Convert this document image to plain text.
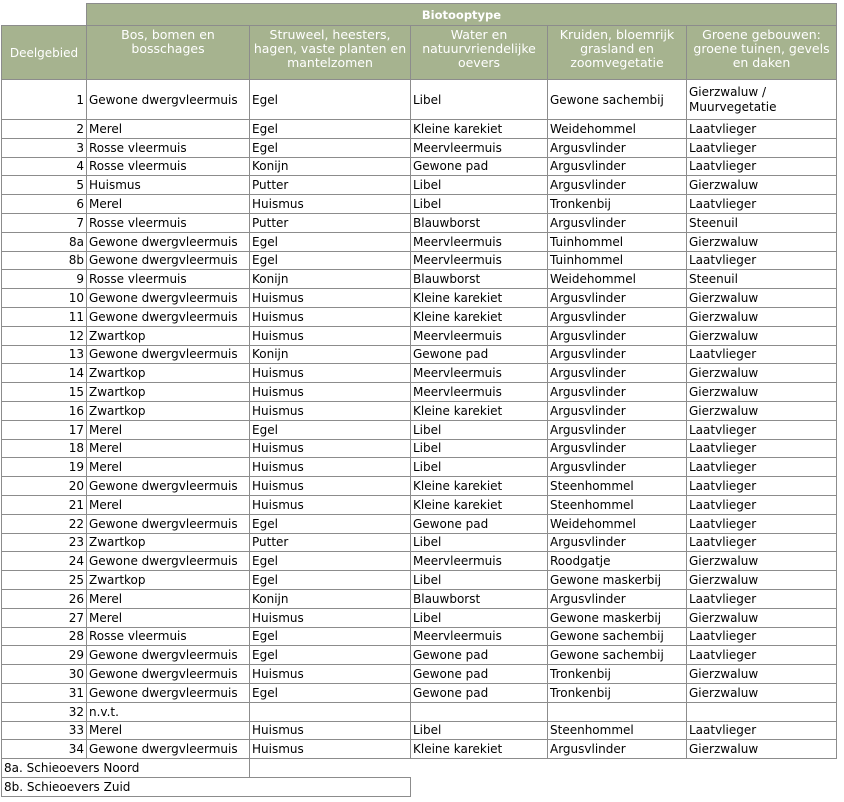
	Biotooptype				
Deelgebied	Bos, bomen en bosschages	Struweel, heesters, hagen, vaste planten en mantelzomen	Water en natuurvriendelijke oevers	Kruiden, bloemrijk grasland en zoomvegetatie	Groene gebouwen: groene tuinen, gevels en daken
1	Gewone dwergvleermuis	Egel	Libel	Gewone sachembij	Gierzwaluw / Muurvegetatie
2	Merel	Egel	Kleine karekiet	Weidehommel	Laatvlieger
3	Rosse vleermuis	Egel	Meervleermuis	Argusvlinder	Laatvlieger
4	Rosse vleermuis	Konijn	Gewone pad	Argusvlinder	Laatvlieger
5	Huismus	Putter	Libel	Argusvlinder	Gierzwaluw
6	Merel	Huismus	Libel	Tronkenbij	Laatvlieger
7	Rosse vleermuis	Putter	Blauwborst	Argusvlinder	Steenuil
8a	Gewone dwergvleermuis	Egel	Meervleermuis	Tuinhommel	Gierzwaluw
8b	Gewone dwergvleermuis	Egel	Meervleermuis	Tuinhommel	Laatvlieger
9	Rosse vleermuis	Konijn	Blauwborst	Weidehommel	Steenuil
10	Gewone dwergvleermuis	Huismus	Kleine karekiet	Argusvlinder	Gierzwaluw
11	Gewone dwergvleermuis	Huismus	Kleine karekiet	Argusvlinder	Gierzwaluw
12	Zwartkop	Huismus	Meervleermuis	Argusvlinder	Gierzwaluw
13	Gewone dwergvleermuis	Konijn	Gewone pad	Argusvlinder	Laatvlieger
14	Zwartkop	Huismus	Meervleermuis	Argusvlinder	Gierzwaluw
15	Zwartkop	Huismus	Meervleermuis	Argusvlinder	Gierzwaluw
16	Zwartkop	Huismus	Kleine karekiet	Argusvlinder	Gierzwaluw
17	Merel	Egel	Libel	Argusvlinder	Laatvlieger
18	Merel	Huismus	Libel	Argusvlinder	Laatvlieger
19	Merel	Huismus	Libel	Argusvlinder	Laatvlieger
20	Gewone dwergvleermuis	Huismus	Kleine karekiet	Steenhommel	Laatvlieger
21	Merel	Huismus	Kleine karekiet	Steenhommel	Laatvlieger
22	Gewone dwergvleermuis	Egel	Gewone pad	Weidehommel	Laatvlieger
23	Zwartkop	Putter	Libel	Argusvlinder	Laatvlieger
24	Gewone dwergvleermuis	Egel	Meervleermuis	Roodgatje	Gierzwaluw
25	Zwartkop	Egel	Libel	Gewone maskerbij	Gierzwaluw
26	Merel	Konijn	Blauwborst	Argusvlinder	Laatvlieger
27	Merel	Huismus	Libel	Gewone maskerbij	Gierzwaluw
28	Rosse vleermuis	Egel	Meervleermuis	Gewone sachembij	Laatvlieger
29	Gewone dwergvleermuis	Egel	Gewone pad	Gewone sachembij	Laatvlieger
30	Gewone dwergvleermuis	Huismus	Gewone pad	Tronkenbij	Gierzwaluw
31	Gewone dwergvleermuis	Egel	Gewone pad	Tronkenbij	Gierzwaluw
32	n.v.t.				
33	Merel	Huismus	Libel	Steenhommel	Laatvlieger
34	Gewone dwergvleermuis	Huismus	Kleine karekiet	Argusvlinder	Gierzwaluw
8a. Schieoevers Noord					
8b. Schieoevers Zuid					
